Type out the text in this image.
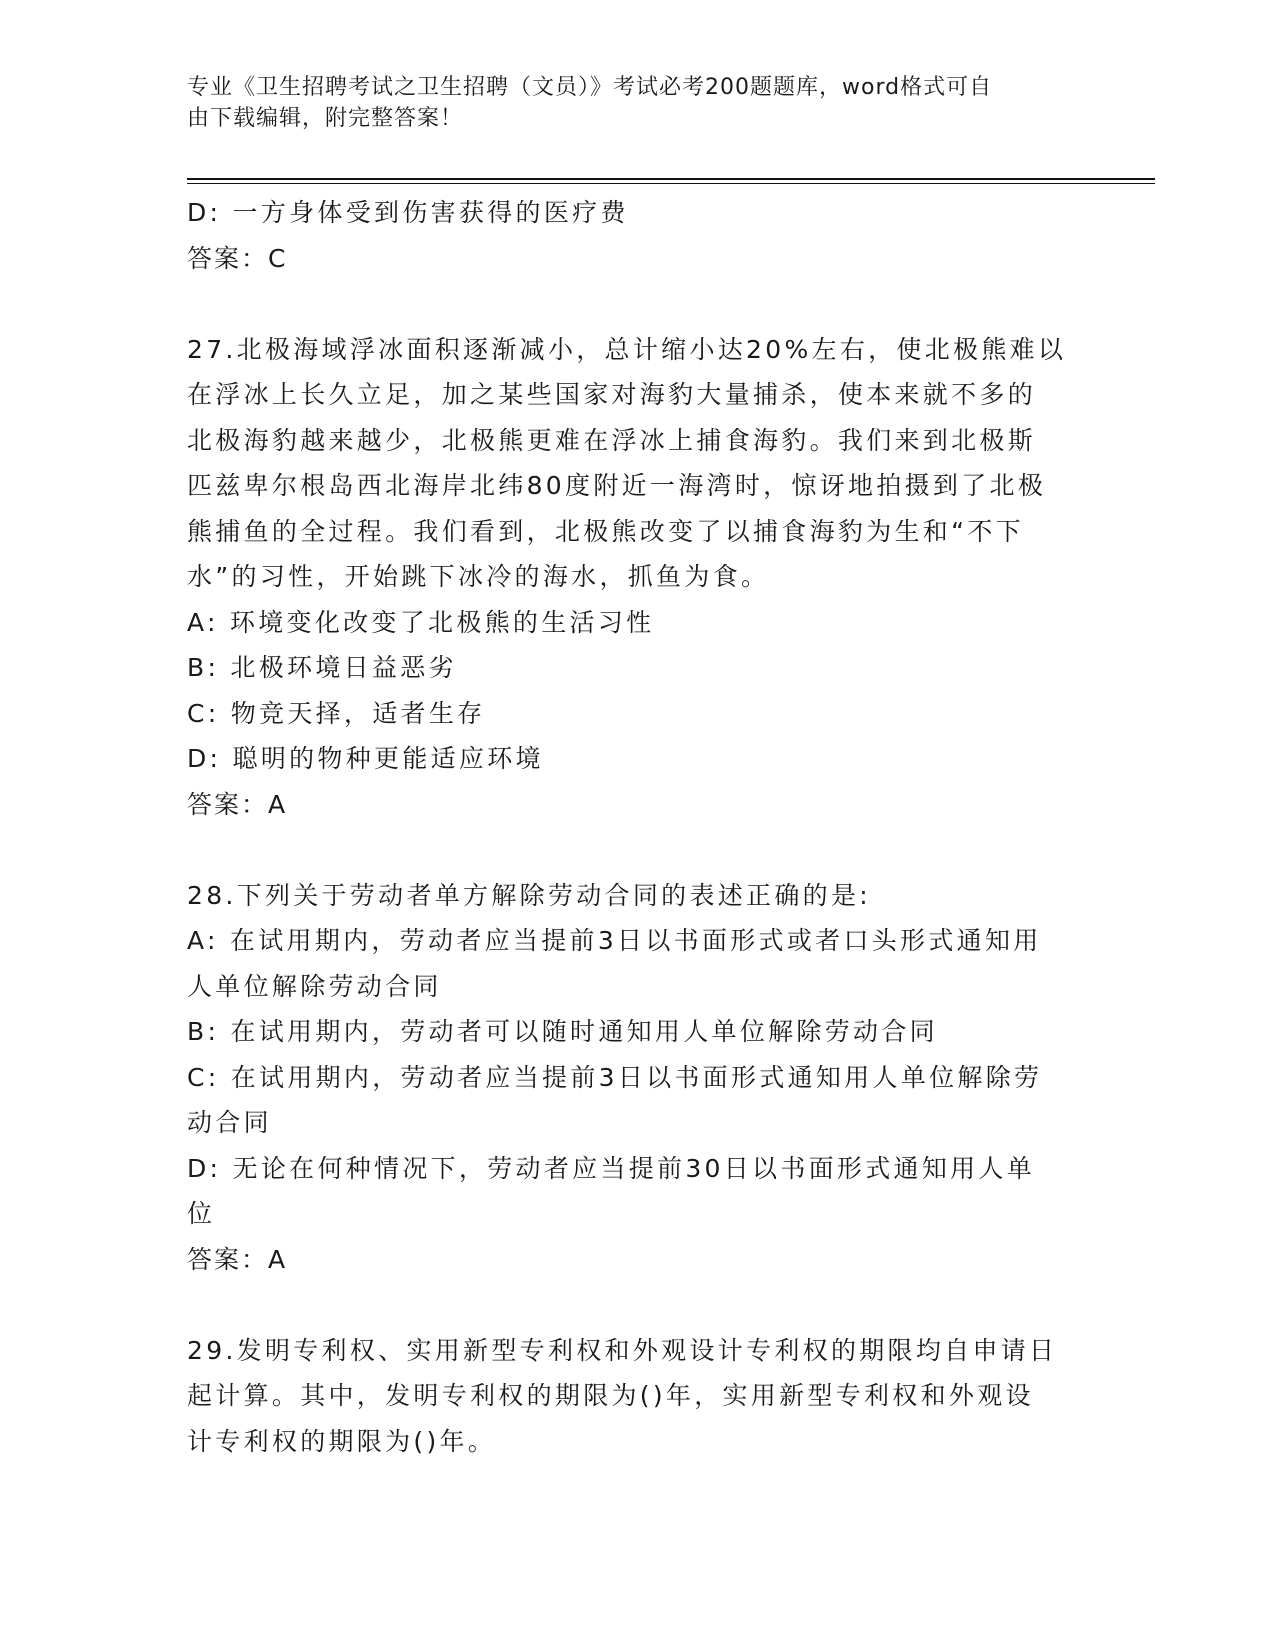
专业《卫生招聘考试之卫生招聘（文员）》考试必考200题题库，word格式可自

由下载编辑，附完整答案！

D: 一方身体受到伤害获得的医疗费

答案：C

27.北极海域浮冰面积逐渐减小，总计缩小达20%左右，使北极熊难以

在浮冰上长久立足，加之某些国家对海豹大量捕杀，使本来就不多的

北极海豹越来越少，北极熊更难在浮冰上捕食海豹。我们来到北极斯

匹兹卑尔根岛西北海岸北纬80度附近一海湾时，惊讶地拍摄到了北极

熊捕鱼的全过程。我们看到，北极熊改变了以捕食海豹为生和“不下

水”的习性，开始跳下冰冷的海水，抓鱼为食。

A: 环境变化改变了北极熊的生活习性

B: 北极环境日益恶劣

C: 物竞天择，适者生存

D: 聪明的物种更能适应环境

答案：A

28.下列关于劳动者单方解除劳动合同的表述正确的是:

A: 在试用期内，劳动者应当提前3日以书面形式或者口头形式通知用

人单位解除劳动合同

B: 在试用期内，劳动者可以随时通知用人单位解除劳动合同

C: 在试用期内，劳动者应当提前3日以书面形式通知用人单位解除劳

动合同

D: 无论在何种情况下，劳动者应当提前30日以书面形式通知用人单

位

答案：A

29.发明专利权、实用新型专利权和外观设计专利权的期限均自申请日

起计算。其中，发明专利权的期限为()年，实用新型专利权和外观设

计专利权的期限为()年。
